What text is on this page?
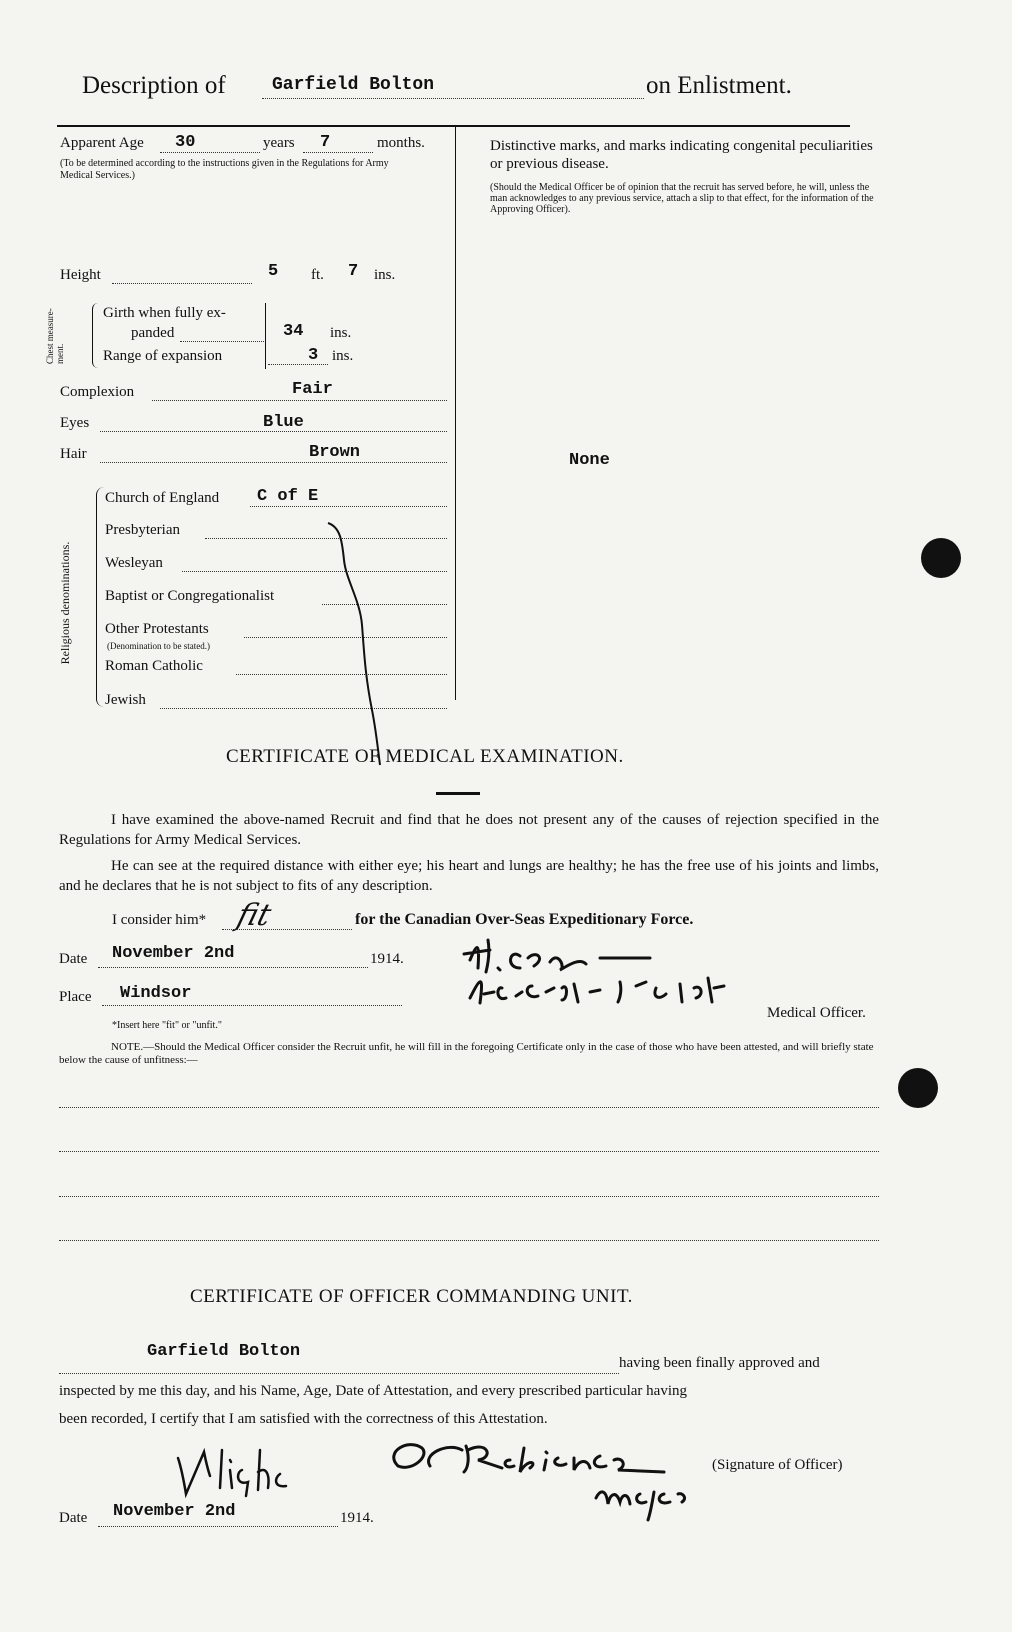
Description of	Garfield Bolton	on Enlistment.
Apparent Age 30	years 7	months.
(To be determined according to the instructions given in the Regulations for Army Medical Services.)
Height	5 ft. 7 ins.
Chest measure-ment.
Girth when fully ex-
panded	34 ins.
Range of expansion	3 ins.
Complexion	Fair
Eyes	Blue
Hair	Brown
Religious denominations.
Church of England C of E
Presbyterian
Wesleyan
Baptist or Congregationalist
Other Protestants
(Denomination to be stated.)
Roman Catholic
Jewish
Distinctive marks, and marks indicating congenital peculiarities or previous disease.
(Should the Medical Officer be of opinion that the recruit has served before, he will, unless the man acknowledges to any previous service, attach a slip to that effect, for the information of the Approving Officer).
None
CERTIFICATE OF MEDICAL EXAMINATION.
I have examined the above-named Recruit and find that he does not present any of the causes of rejection specified in the Regulations for Army Medical Services.
He can see at the required distance with either eye; his heart and lungs are healthy; he has the free use of his joints and limbs, and he declares that he is not subject to fits of any description.
I consider him* fit	for the Canadian Over-Seas Expeditionary Force.
Date November 2nd	1914.
Place Windsor
Medical Officer.
*Insert here "fit" or "unfit."
NOTE.—Should the Medical Officer consider the Recruit unfit, he will fill in the foregoing Certificate only in the case of those who have been attested, and will briefly state below the cause of unfitness:—
CERTIFICATE OF OFFICER COMMANDING UNIT.
Garfield Bolton
having been finally approved and
inspected by me this day, and his Name, Age, Date of Attestation, and every prescribed particular having
been recorded, I certify that I am satisfied with the correctness of this Attestation.
(Signature of Officer)
Date November 2nd	1914.
